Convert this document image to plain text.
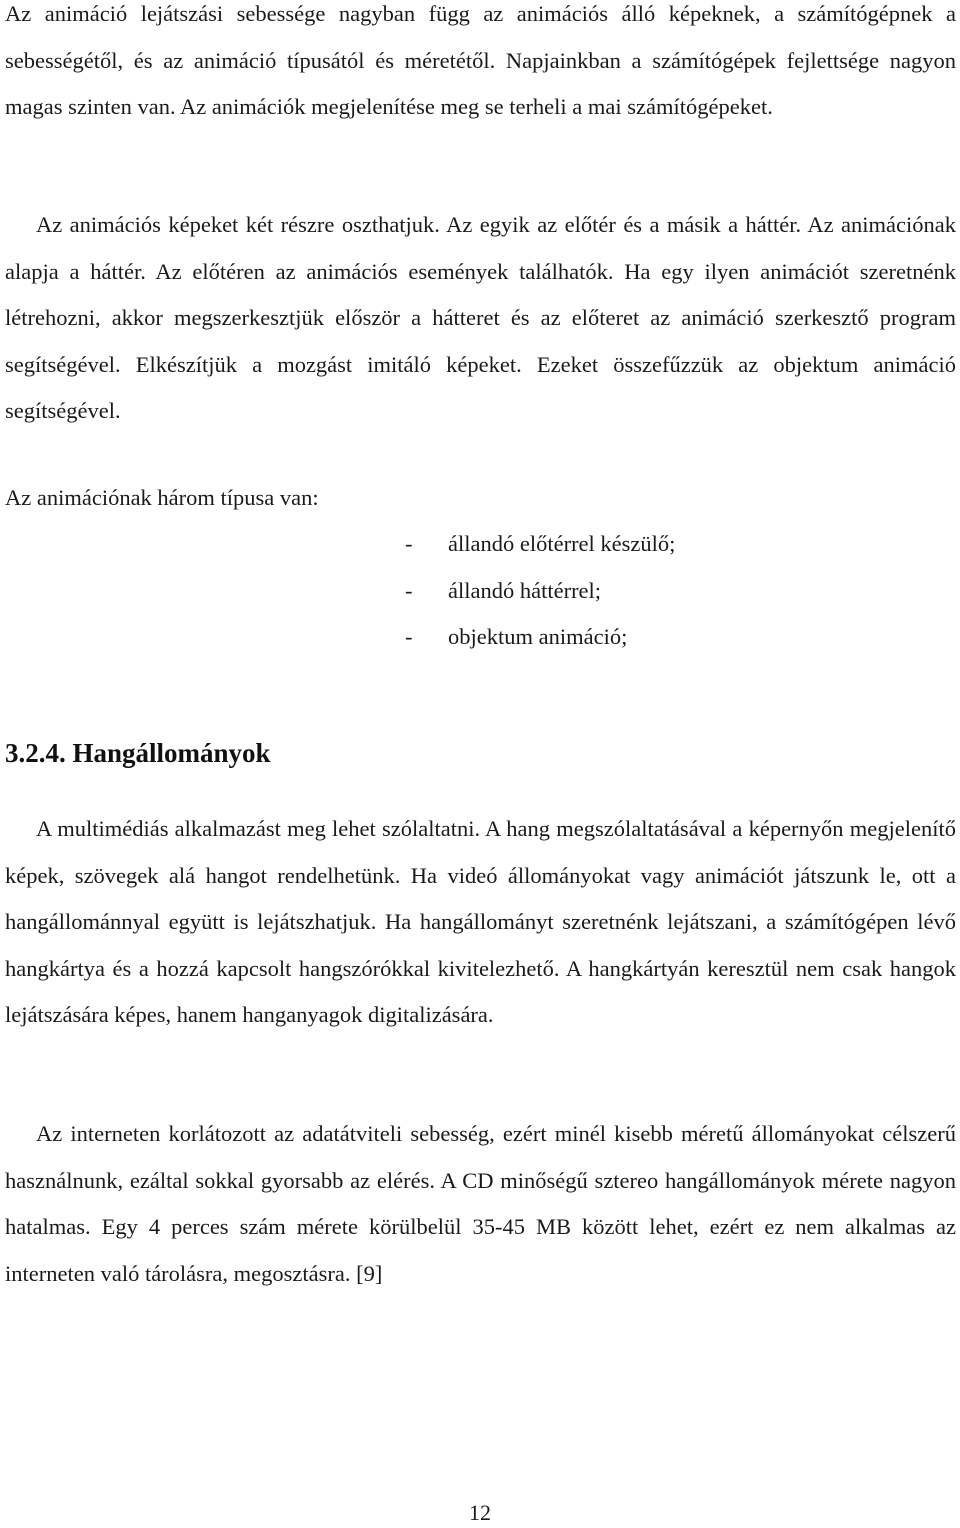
Az animáció lejátszási sebessége nagyban függ az animációs álló képeknek, a számítógépnek a sebességétől, és az animáció típusától és méretétől. Napjainkban a számítógépek fejlettsége nagyon magas szinten van. Az animációk megjelenítése meg se terheli a mai számítógépeket.

Az animációs képeket két részre oszthatjuk. Az egyik az előtér és a másik a háttér. Az animációnak alapja a háttér. Az előtéren az animációs események találhatók. Ha egy ilyen animációt szeretnénk létrehozni, akkor megszerkesztjük először a hátteret és az előteret az animáció szerkesztő program segítségével. Elkészítjük a mozgást imitáló képeket. Ezeket összefűzzük az objektum animáció segítségével.

Az animációnak három típusa van:

- állandó előtérrel készülő;
- állandó háttérrel;
- objektum animáció;
3.2.4. Hangállományok

A multimédiás alkalmazást meg lehet szólaltatni. A hang megszólaltatásával a képernyőn megjelenítő képek, szövegek alá hangot rendelhetünk. Ha videó állományokat vagy animációt játszunk le, ott a hangállománnyal együtt is lejátszhatjuk. Ha hangállományt szeretnénk lejátszani, a számítógépen lévő hangkártya és a hozzá kapcsolt hangszórókkal kivitelezhető. A hangkártyán keresztül nem csak hangok lejátszására képes, hanem hanganyagok digitalizására.

Az interneten korlátozott az adatátviteli sebesség, ezért minél kisebb méretű állományokat célszerű használnunk, ezáltal sokkal gyorsabb az elérés. A CD minőségű sztereo hangállományok mérete nagyon hatalmas. Egy 4 perces szám mérete körülbelül 35-45 MB között lehet, ezért ez nem alkalmas az interneten való tárolásra, megosztásra. [9]

12
